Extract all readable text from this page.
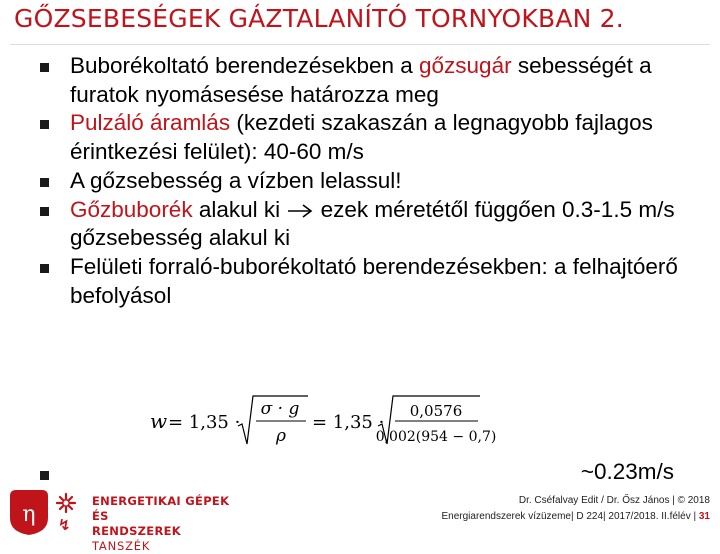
GŐZSEBESÉGEK GÁZTALANÍTÓ TORNYOKBAN 2.
Buborékoltató berendezésekben a gőzsugár sebességét a furatok nyomásesése határozza meg
Pulzáló áramlás (kezdeti szakaszán a legnagyobb fajlagos érintkezési felület): 40-60 m/s
A gőzsebesség a vízben lelassul!
Gőzbuborék alakul ki  ezek méretétől függően 0.3-1.5 m/s gőzsebesség alakul ki
Felületi forraló-buborékoltató berendezésekben: a felhajtóerő befolyásol
w = 1,35 ·
σ · g
ρ
= 1,35 ·
0,0576
0,002(954 − 0,7)
~0.23m/s
η ↯
ENERGETIKAI GÉPEK ÉS
RENDSZEREK TANSZÉK
Dr. Cséfalvay Edit / Dr. Ősz János | © 2018
Energiarendszerek vízüzeme| D 224| 2017/2018. II.félév | 31
